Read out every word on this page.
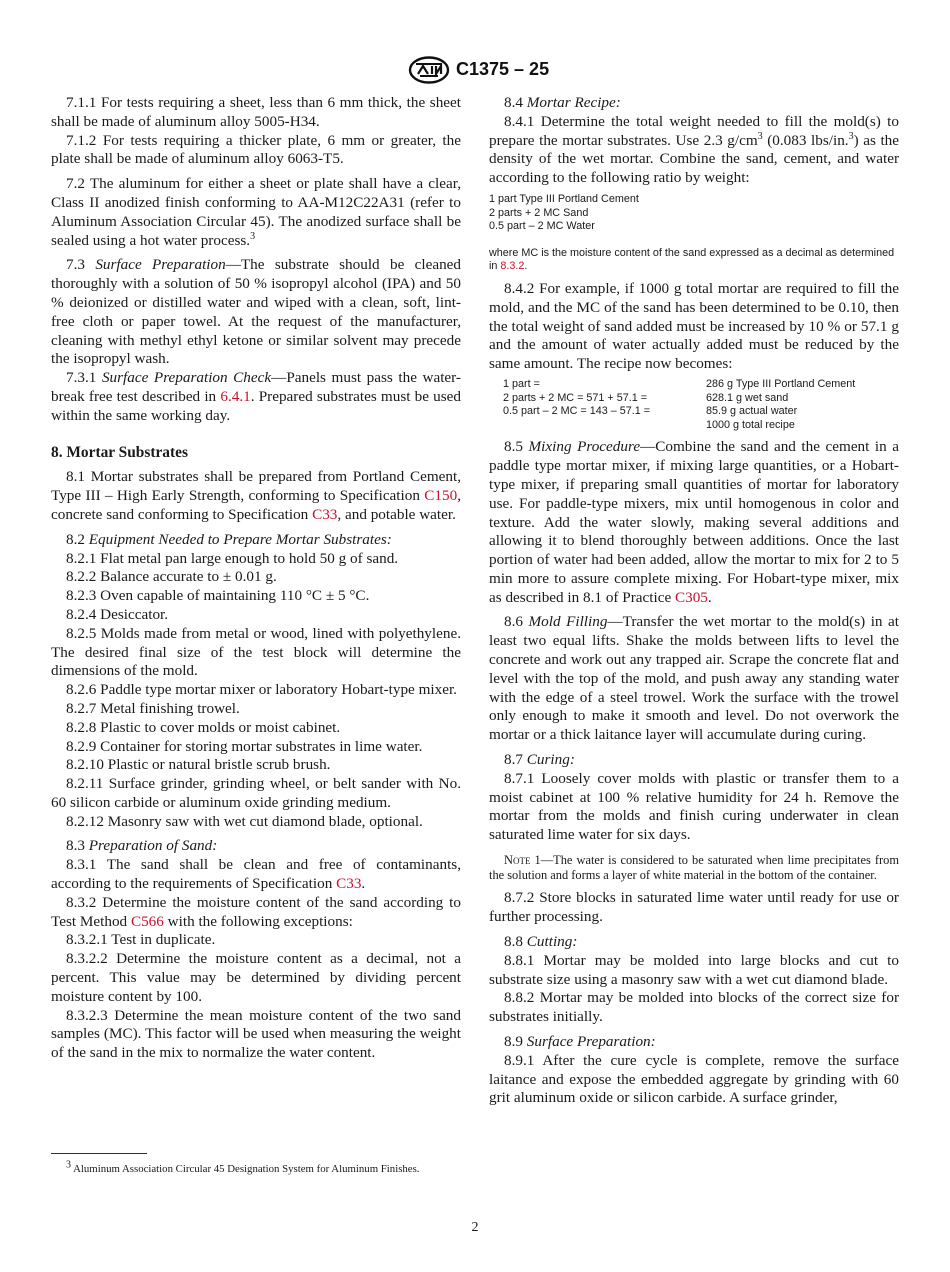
C1375 – 25

7.1.1 For tests requiring a sheet, less than 6 mm thick, the sheet shall be made of aluminum alloy 5005-H34.

7.1.2 For tests requiring a thicker plate, 6 mm or greater, the plate shall be made of aluminum alloy 6063-T5.

7.2 The aluminum for either a sheet or plate shall have a clear, Class II anodized finish conforming to AA-M12C22A31 (refer to Aluminum Association Circular 45). The anodized surface shall be sealed using a hot water process.$^3$

7.3 Surface Preparation—The substrate should be cleaned thoroughly with a solution of 50 % isopropyl alcohol (IPA) and 50 % deionized or distilled water and wiped with a clean, soft, lint-free cloth or paper towel. At the request of the manufacturer, cleaning with methyl ethyl ketone or similar solvent may precede the isopropyl wash.

7.3.1 Surface Preparation Check—Panels must pass the water-break free test described in 6.4.1. Prepared substrates must be used within the same working day.

8. Mortar Substrates

8.1 Mortar substrates shall be prepared from Portland Cement, Type III – High Early Strength, conforming to Specification C150, concrete sand conforming to Specification C33, and potable water.

8.2 Equipment Needed to Prepare Mortar Substrates:

8.2.1 Flat metal pan large enough to hold 50 g of sand.

8.2.2 Balance accurate to ± 0.01 g.

8.2.3 Oven capable of maintaining 110 °C ± 5 °C.

8.2.4 Desiccator.

8.2.5 Molds made from metal or wood, lined with polyethylene. The desired final size of the test block will determine the dimensions of the mold.

8.2.6 Paddle type mortar mixer or laboratory Hobart-type mixer.

8.2.7 Metal finishing trowel.

8.2.8 Plastic to cover molds or moist cabinet.

8.2.9 Container for storing mortar substrates in lime water.

8.2.10 Plastic or natural bristle scrub brush.

8.2.11 Surface grinder, grinding wheel, or belt sander with No. 60 silicon carbide or aluminum oxide grinding medium.

8.2.12 Masonry saw with wet cut diamond blade, optional.

8.3 Preparation of Sand:

8.3.1 The sand shall be clean and free of contaminants, according to the requirements of Specification C33.

8.3.2 Determine the moisture content of the sand according to Test Method C566 with the following exceptions:

8.3.2.1 Test in duplicate.

8.3.2.2 Determine the moisture content as a decimal, not a percent. This value may be determined by dividing percent moisture content by 100.

8.3.2.3 Determine the mean moisture content of the two sand samples (MC). This factor will be used when measuring the weight of the sand in the mix to normalize the water content.

3 Aluminum Association Circular 45 Designation System for Aluminum Finishes.

8.4 Mortar Recipe:

8.4.1 Determine the total weight needed to fill the mold(s) to prepare the mortar substrates. Use 2.3 $g/cm^3$ (0.083 lbs/in.$^3$) as the density of the wet mortar. Combine the sand, cement, and water according to the following ratio by weight:

1 part Type III Portland Cement
2 parts + 2 MC Sand
0.5 part – 2 MC Water

where MC is the moisture content of the sand expressed as a decimal as determined in 8.3.2.

8.4.2 For example, if 1000 g total mortar are required to fill the mold, and the MC of the sand has been determined to be 0.10, then the total weight of sand added must be increased by 10 % or 57.1 g and the amount of water actually added must be reduced by the same amount. The recipe now becomes:

1 part =	286 g Type III Portland Cement
2 parts + 2 MC = 571 + 57.1 =	628.1 g wet sand
0.5 part – 2 MC = 143 – 57.1 =	85.9 g actual water
1000 g total recipe

8.5 Mixing Procedure—Combine the sand and the cement in a paddle type mortar mixer, if mixing large quantities, or a Hobart-type mixer, if preparing small quantities of mortar for laboratory use. For paddle-type mixers, mix until homogenous in color and texture. Add the water slowly, making several additions and allowing it to blend thoroughly between additions. Once the last portion of water had been added, allow the mortar to mix for 2 to 5 min more to assure complete mixing. For Hobart-type mixer, mix as described in 8.1 of Practice C305.

8.6 Mold Filling—Transfer the wet mortar to the mold(s) in at least two equal lifts. Shake the molds between lifts to level the concrete and work out any trapped air. Scrape the concrete flat and level with the top of the mold, and push away any standing water with the edge of a steel trowel. Work the surface with the trowel only enough to make it smooth and level. Do not overwork the mortar or a thick laitance layer will accumulate during curing.

8.7 Curing:

8.7.1 Loosely cover molds with plastic or transfer them to a moist cabinet at 100 % relative humidity for 24 h. Remove the mortar from the molds and finish curing underwater in clean saturated lime water for six days.

Note 1—The water is considered to be saturated when lime precipitates from the solution and forms a layer of white material in the bottom of the container.

8.7.2 Store blocks in saturated lime water until ready for use or further processing.

8.8 Cutting:

8.8.1 Mortar may be molded into large blocks and cut to substrate size using a masonry saw with a wet cut diamond blade.

8.8.2 Mortar may be molded into blocks of the correct size for substrates initially.

8.9 Surface Preparation:

8.9.1 After the cure cycle is complete, remove the surface laitance and expose the embedded aggregate by grinding with 60 grit aluminum oxide or silicon carbide. A surface grinder,

2
